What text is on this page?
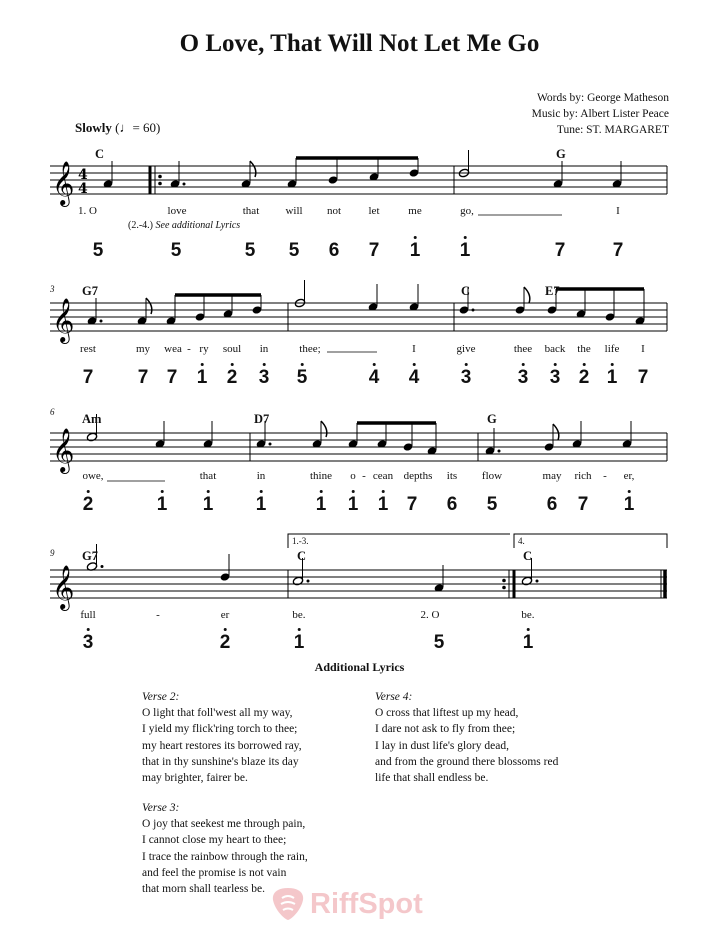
O Love, That Will Not Let Me Go
Words by: George Matheson
Music by: Albert Lister Peace
Tune: ST. MARGARET
Slowly (♩= 60)
𝄞 4
4
𝄞
𝄞
𝄞
3
6
9
1.-3.	4.
C	G
G7	C	E7
Am	D7	G
G7	C	C
1. O	love	that will not let	me	go,	I
(2.-4.) See additional Lyrics
5	5	5 5 6 7 1 1	7 7
rest	my wea - ry soul in	thee;	I	give	thee back the life I
7 7 7 1 2 3 5	4 4 3 3 3 2 1 7
owe,	that	in	thine o - cean depths its flow	may rich - er,
2	1 1 1	1 1 1 7 6 5	6 7 1
full	-	er	be.	2. O	be.
3	2	1	5	1
Additional Lyrics
Verse 2:
O light that foll'west all my way,
I yield my flick'ring torch to thee;
my heart restores its borrowed ray,
that in thy sunshine's blaze its day
may brighter, fairer be.
Verse 3:
O joy that seekest me through pain,
I cannot close my heart to thee;
I trace the rainbow through the rain,
and feel the promise is not vain
that morn shall tearless be.
Verse 4:
O cross that liftest up my head,
I dare not ask to fly from thee;
I lay in dust life's glory dead,
and from the ground there blossoms red
life that shall endless be.
RiffSpot
